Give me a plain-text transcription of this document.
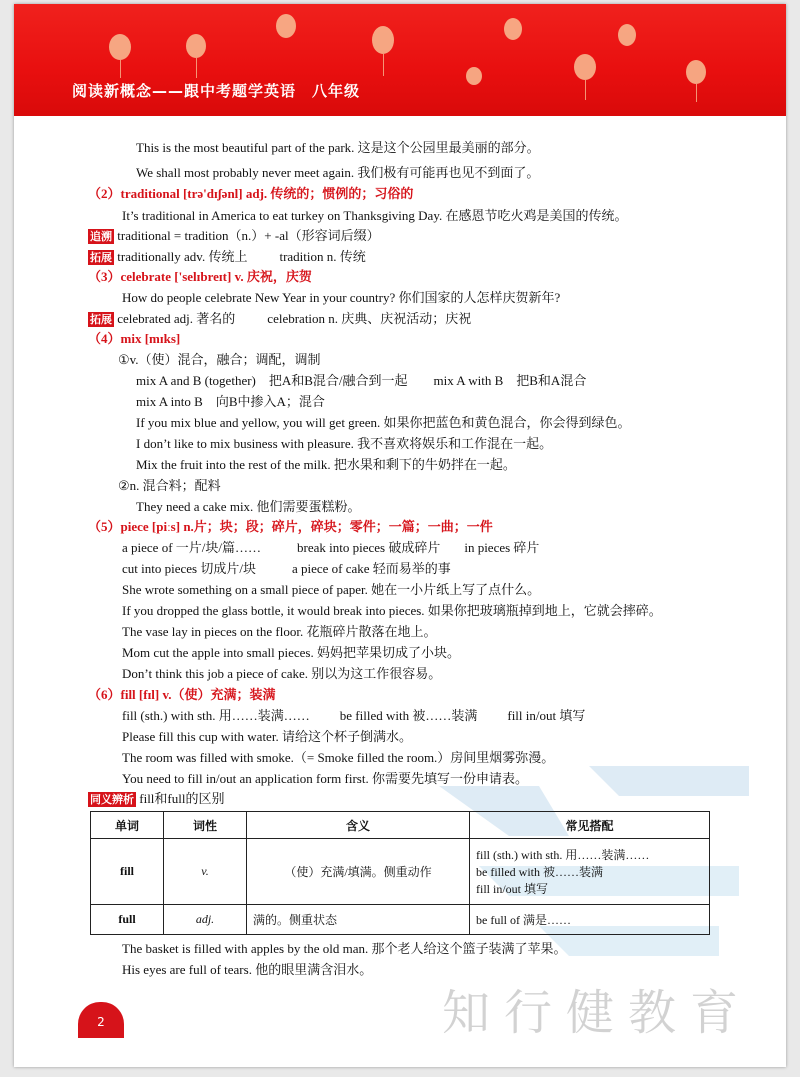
阅读新概念——跟中考题学英语　八年级
知行健教育
This is the most beautiful part of the park. 这是这个公园里最美丽的部分。
We shall most probably never meet again. 我们极有可能再也见不到面了。
（2）traditional [trə'dɪʃənl] adj. 传统的；惯例的；习俗的
It’s traditional in America to eat turkey on Thanksgiving Day. 在感恩节吃火鸡是美国的传统。
追溯 traditional = tradition（n.）+ -al（形容词后缀）
拓展 traditionally adv. 传统上 tradition n. 传统
（3）celebrate ['selɪbreɪt] v. 庆祝，庆贺
How do people celebrate New Year in your country? 你们国家的人怎样庆贺新年?
拓展 celebrated adj. 著名的 celebration n. 庆典、庆祝活动；庆祝
（4）mix [mɪks]
①v.（使）混合，融合；调配，调制
mix A and B (together)　把A和B混合/融合到一起 mix A with B　把B和A混合
mix A into B　向B中掺入A；混合
If you mix blue and yellow, you will get green. 如果你把蓝色和黄色混合，你会得到绿色。
I don’t like to mix business with pleasure. 我不喜欢将娱乐和工作混在一起。
Mix the fruit into the rest of the milk. 把水果和剩下的牛奶拌在一起。
②n. 混合料；配料
They need a cake mix. 他们需要蛋糕粉。
（5）piece [piːs] n.片；块；段；碎片，碎块；零件；一篇；一曲；一件
a piece of 一片/块/篇……	break into pieces 破成碎片 in pieces 碎片
cut into pieces 切成片/块	a piece of cake 轻而易举的事
She wrote something on a small piece of paper. 她在一小片纸上写了点什么。
If you dropped the glass bottle, it would break into pieces. 如果你把玻璃瓶掉到地上，它就会摔碎。
The vase lay in pieces on the floor. 花瓶碎片散落在地上。
Mom cut the apple into small pieces. 妈妈把苹果切成了小块。
Don’t think this job a piece of cake. 别以为这工作很容易。
（6）fill [fɪl] v.（使）充满；装满
fill (sth.) with sth. 用……装满…… be filled with 被……装满 fill in/out 填写
Please fill this cup with water. 请给这个杯子倒满水。
The room was filled with smoke.（= Smoke filled the room.）房间里烟雾弥漫。
You need to fill in/out an application form first. 你需要先填写一份申请表。
同义辨析 fill和full的区别
单词	词性	含义	常见搭配
fill	v.	（使）充满/填满。侧重动作	fill (sth.) with sth. 用……装满……
be filled with 被……装满
fill in/out 填写

full	adj.	满的。侧重状态	be full of 满是……
The basket is filled with apples by the old man. 那个老人给这个篮子装满了苹果。
His eyes are full of tears. 他的眼里满含泪水。
2
